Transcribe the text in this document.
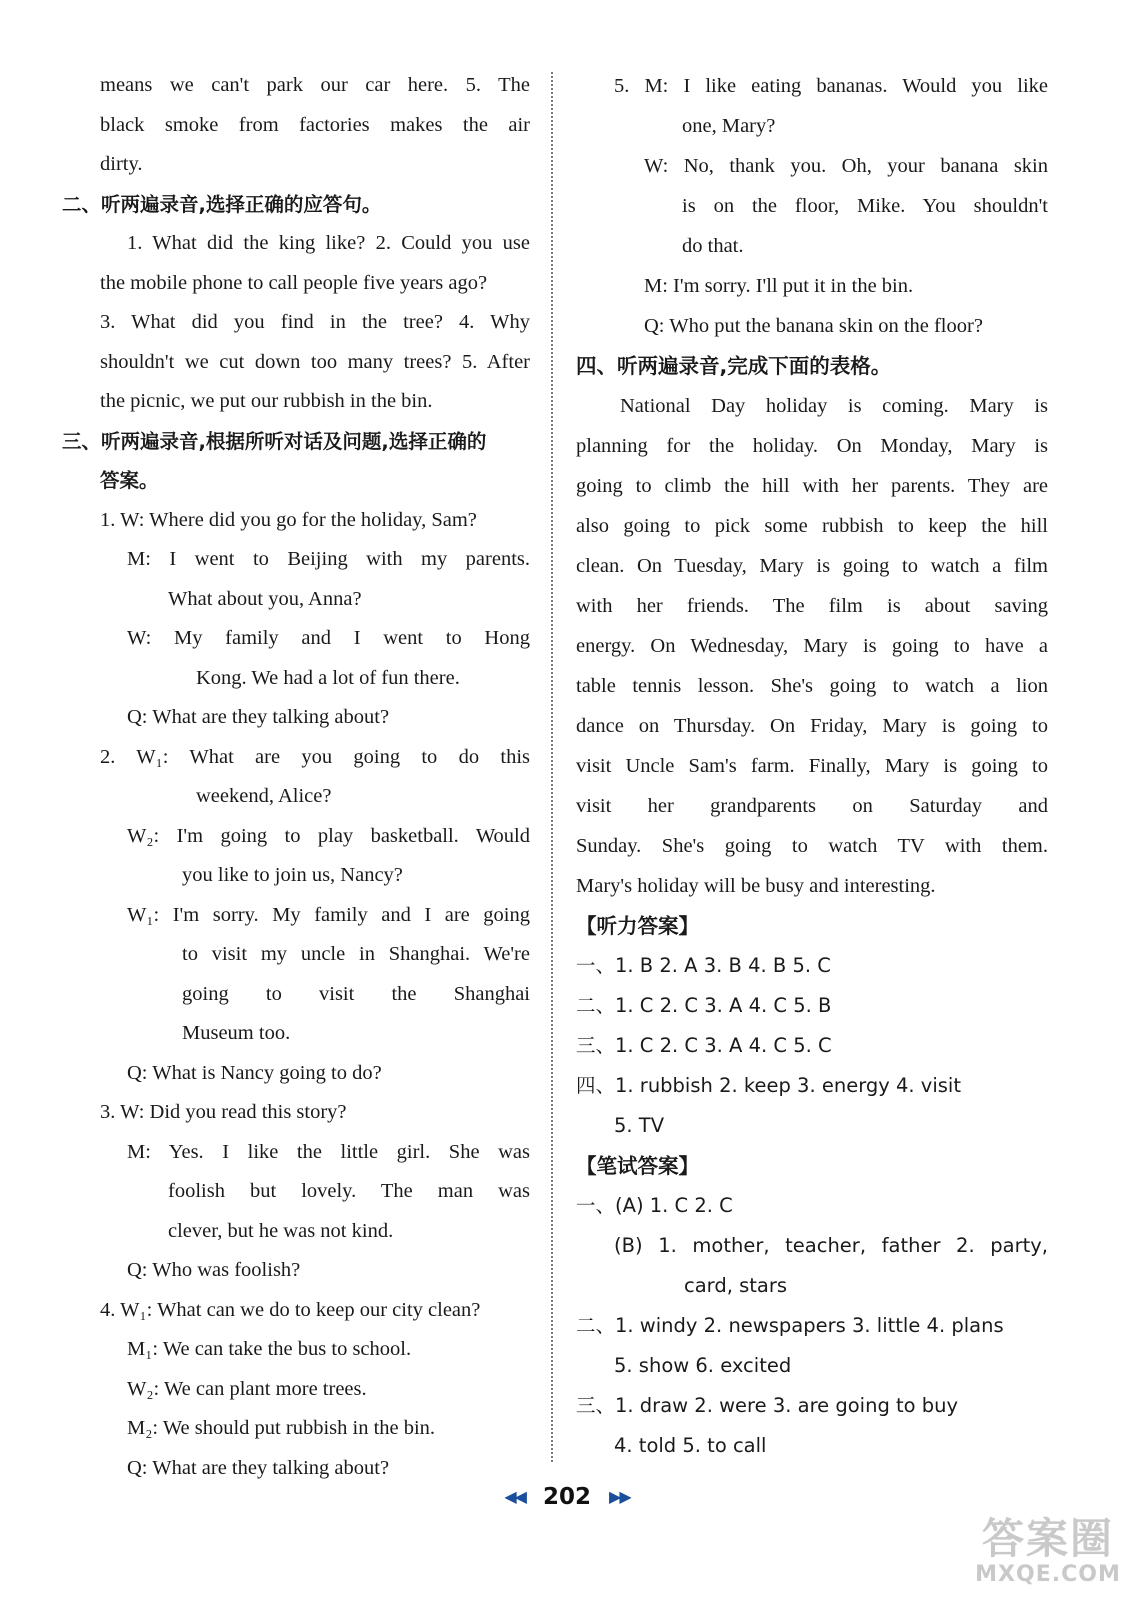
means we can't park our car here. 5. The
black smoke from factories makes the air
dirty.
二、听两遍录音,选择正确的应答句。
1. What did the king like? 2. Could you use
the mobile phone to call people five years ago?
3. What did you find in the tree? 4. Why
shouldn't we cut down too many trees? 5. After
the picnic, we put our rubbish in the bin.
三、听两遍录音,根据所听对话及问题,选择正确的
答案。
1. W: Where did you go for the holiday, Sam?
M: I went to Beijing with my parents.
What about you, Anna?
W: My family and I went to Hong
Kong. We had a lot of fun there.
Q: What are they talking about?
2. W₁: What are you going to do this
weekend, Alice?
W₂: I'm going to play basketball. Would
you like to join us, Nancy?
W₁: I'm sorry. My family and I are going
to visit my uncle in Shanghai. We're
going to visit the Shanghai
Museum too.
Q: What is Nancy going to do?
3. W: Did you read this story?
M: Yes. I like the little girl. She was
foolish but lovely. The man was
clever, but he was not kind.
Q: Who was foolish?
4. W₁: What can we do to keep our city clean?
M₁: We can take the bus to school.
W₂: We can plant more trees.
M₂: We should put rubbish in the bin.
Q: What are they talking about?
5. M: I like eating bananas. Would you like
one, Mary?
W: No, thank you. Oh, your banana skin
is on the floor, Mike. You shouldn't
do that.
M: I'm sorry. I'll put it in the bin.
Q: Who put the banana skin on the floor?
四、听两遍录音,完成下面的表格。
National Day holiday is coming. Mary is
planning for the holiday. On Monday, Mary is
going to climb the hill with her parents. They are
also going to pick some rubbish to keep the hill
clean. On Tuesday, Mary is going to watch a film
with her friends. The film is about saving
energy. On Wednesday, Mary is going to have a
table tennis lesson. She's going to watch a lion
dance on Thursday. On Friday, Mary is going to
visit Uncle Sam's farm. Finally, Mary is going to
visit her grandparents on Saturday and
Sunday. She's going to watch TV with them.
Mary's holiday will be busy and interesting.
【听力答案】
一、1. B 2. A 3. B 4. B 5. C
二、1. C 2. C 3. A 4. C 5. B
三、1. C 2. C 3. A 4. C 5. C
四、1. rubbish 2. keep 3. energy 4. visit
5. TV
【笔试答案】
一、(A) 1. C 2. C
(B) 1. mother, teacher, father 2. party,
card, stars
二、1. windy 2. newspapers 3. little 4. plans
5. show 6. excited
三、1. draw 2. were 3. are going to buy
4. told 5. to call
◀◀ 202 ▶▶
答案圈
MXQE.COM
